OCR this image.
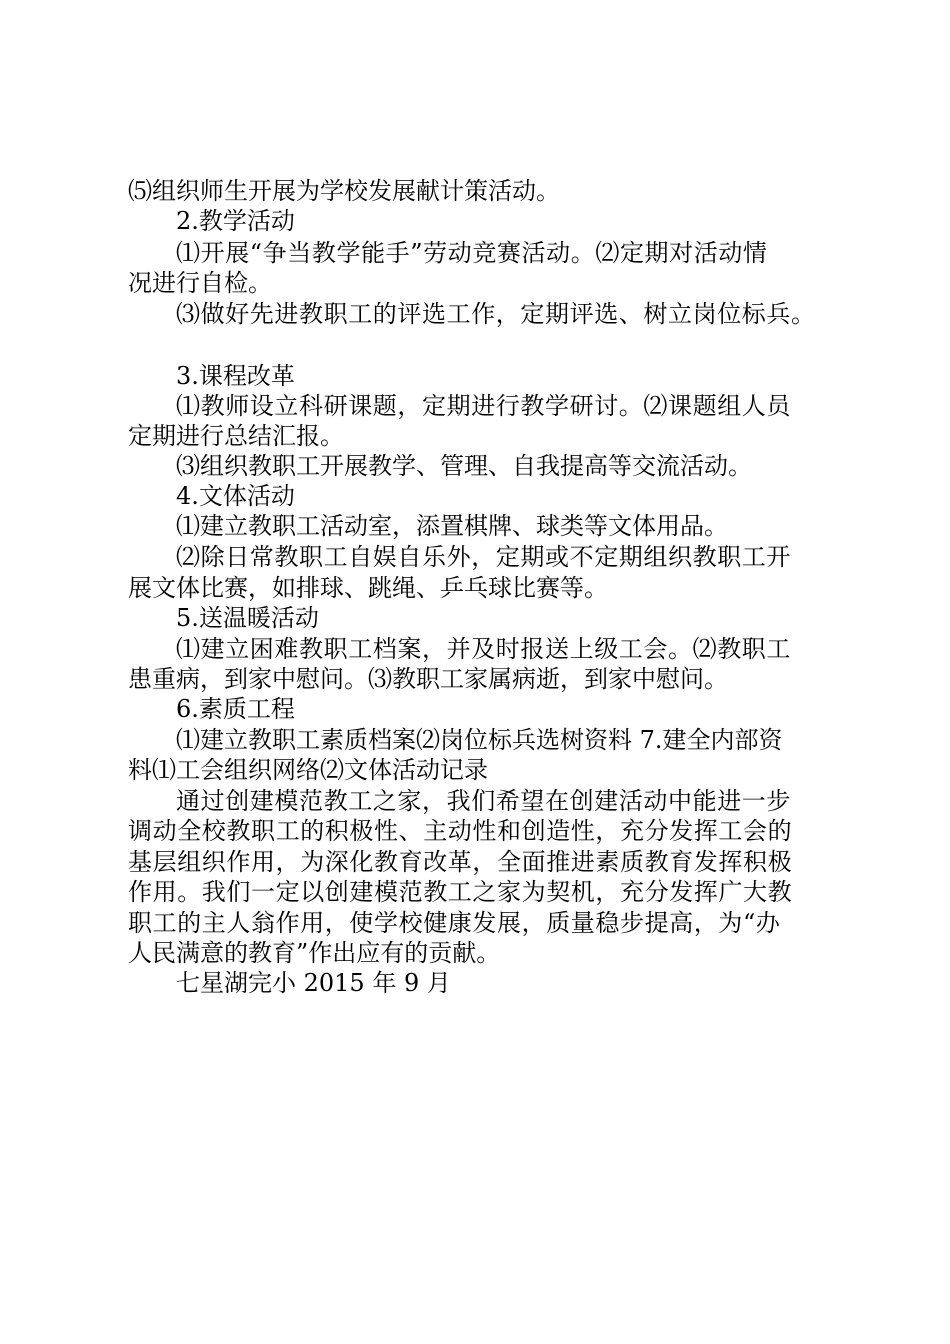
⑸组织师生开展为学校发展献计策活动。
2.教学活动
⑴开展“争当教学能手”劳动竞赛活动。⑵定期对活动情
况进行自检。
⑶做好先进教职工的评选工作，定期评选、树立岗位标兵。
3.课程改革
⑴教师设立科研课题，定期进行教学研讨。⑵课题组人员
定期进行总结汇报。
⑶组织教职工开展教学、管理、自我提高等交流活动。
4.文体活动
⑴建立教职工活动室，添置棋牌、球类等文体用品。
⑵除日常教职工自娱自乐外，定期或不定期组织教职工开
展文体比赛，如排球、跳绳、乒乓球比赛等。
5.送温暖活动
⑴建立困难教职工档案，并及时报送上级工会。⑵教职工
患重病，到家中慰问。⑶教职工家属病逝，到家中慰问。
6.素质工程
⑴建立教职工素质档案⑵岗位标兵选树资料 7.建全内部资
料⑴工会组织网络⑵文体活动记录
通过创建模范教工之家，我们希望在创建活动中能进一步
调动全校教职工的积极性、主动性和创造性，充分发挥工会的
基层组织作用，为深化教育改革，全面推进素质教育发挥积极
作用。我们一定以创建模范教工之家为契机，充分发挥广大教
职工的主人翁作用，使学校健康发展，质量稳步提高，为“办
人民满意的教育”作出应有的贡献。
七星湖完小 2015 年 9 月
